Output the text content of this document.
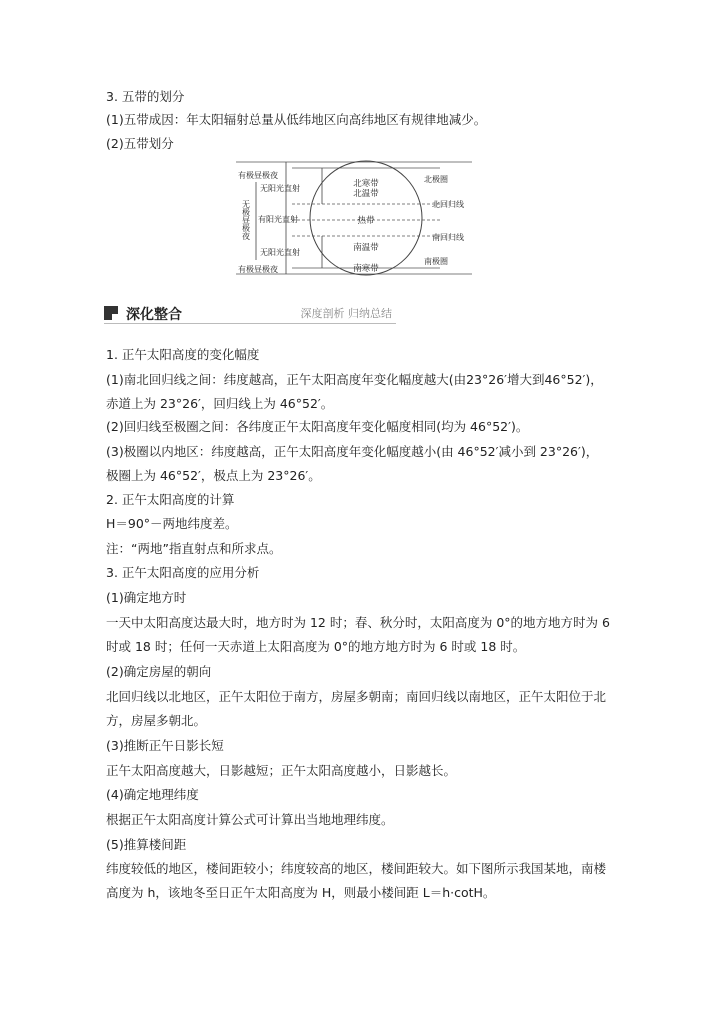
3. 五带的划分
(1)五带成因：年太阳辐射总量从低纬地区向高纬地区有规律地减少。
(2)五带划分
北寒带
北温带
热带
南温带
南寒带
北极圈
北回归线
南回归线
南极圈
有极昼极夜
无阳光直射
有阳光直射
无阳光直射
有极昼极夜
无极昼极夜
深化整合	深度剖析 归纳总结
1. 正午太阳高度的变化幅度
(1)南北回归线之间：纬度越高，正午太阳高度年变化幅度越大(由23°26′增大到46°52′)，
赤道上为 23°26′，回归线上为 46°52′。
(2)回归线至极圈之间：各纬度正午太阳高度年变化幅度相同(均为 46°52′)。
(3)极圈以内地区：纬度越高，正午太阳高度年变化幅度越小(由 46°52′减小到 23°26′)，
极圈上为 46°52′，极点上为 23°26′。
2. 正午太阳高度的计算
H＝90°－两地纬度差。
注：“两地”指直射点和所求点。
3. 正午太阳高度的应用分析
(1)确定地方时
一天中太阳高度达最大时，地方时为 12 时；春、秋分时，太阳高度为 0°的地方地方时为 6
时或 18 时；任何一天赤道上太阳高度为 0°的地方地方时为 6 时或 18 时。
(2)确定房屋的朝向
北回归线以北地区，正午太阳位于南方，房屋多朝南；南回归线以南地区，正午太阳位于北
方，房屋多朝北。
(3)推断正午日影长短
正午太阳高度越大，日影越短；正午太阳高度越小，日影越长。
(4)确定地理纬度
根据正午太阳高度计算公式可计算出当地地理纬度。
(5)推算楼间距
纬度较低的地区，楼间距较小；纬度较高的地区，楼间距较大。如下图所示我国某地，南楼
高度为 h，该地冬至日正午太阳高度为 H，则最小楼间距 L＝h·cotH。
